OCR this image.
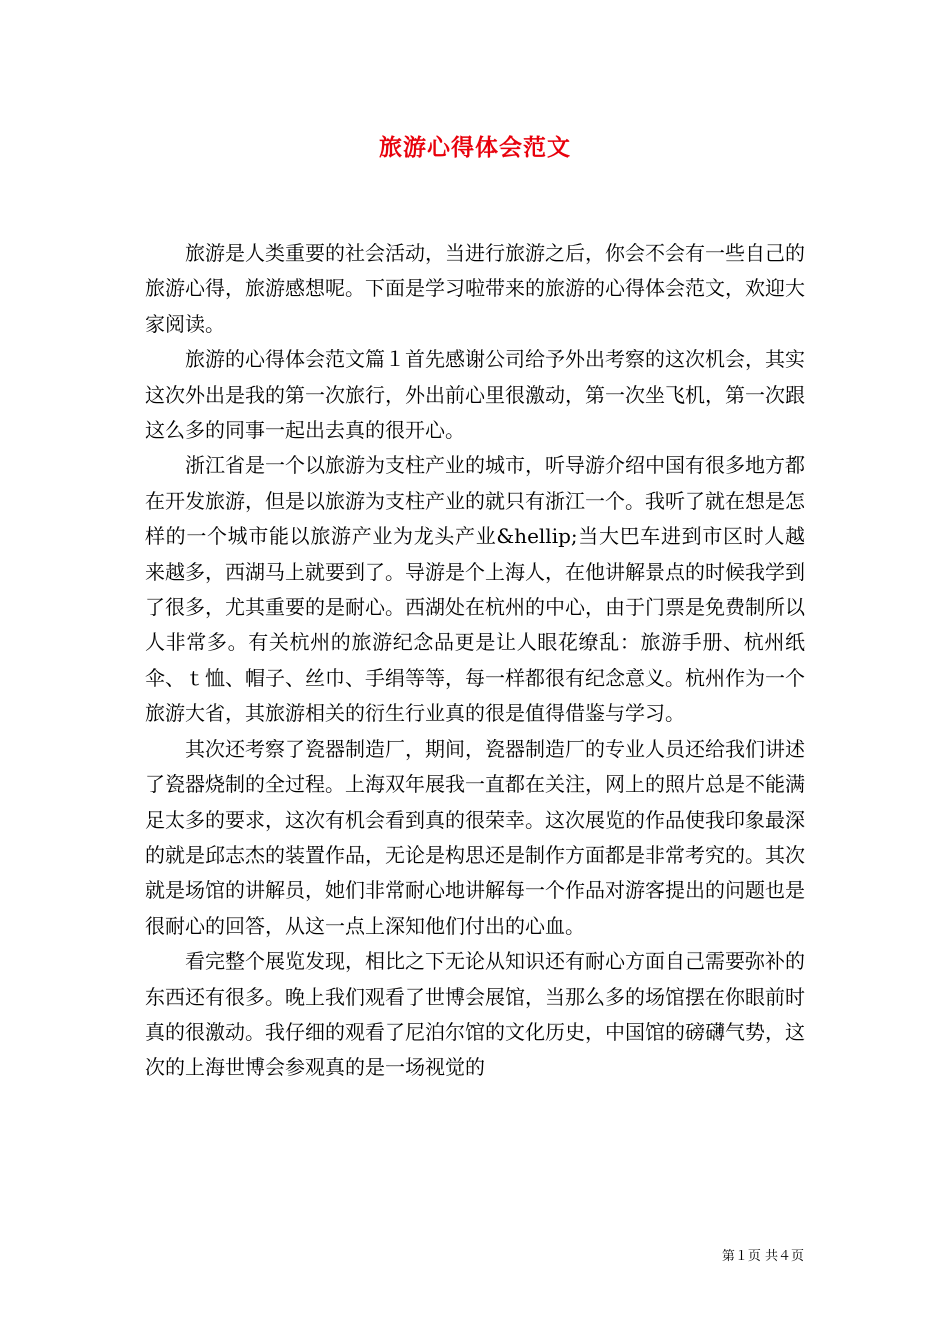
旅游心得体会范文

旅游是人类重要的社会活动，当进行旅游之后，你会不会有一些自己的旅游心得，旅游感想呢。下面是学习啦带来的旅游的心得体会范文，欢迎大家阅读。

旅游的心得体会范文篇１首先感谢公司给予外出考察的这次机会，其实这次外出是我的第一次旅行，外出前心里很激动，第一次坐飞机，第一次跟这么多的同事一起出去真的很开心。

浙江省是一个以旅游为支柱产业的城市，听导游介绍中国有很多地方都在开发旅游，但是以旅游为支柱产业的就只有浙江一个。我听了就在想是怎样的一个城市能以旅游产业为龙头产业&hellip;当大巴车进到市区时人越来越多，西湖马上就要到了。导游是个上海人，在他讲解景点的时候我学到了很多，尤其重要的是耐心。西湖处在杭州的中心，由于门票是免费制所以人非常多。有关杭州的旅游纪念品更是让人眼花缭乱：旅游手册、杭州纸伞、ｔ恤、帽子、丝巾、手绢等等，每一样都很有纪念意义。杭州作为一个旅游大省，其旅游相关的衍生行业真的很是值得借鉴与学习。

其次还考察了瓷器制造厂，期间，瓷器制造厂的专业人员还给我们讲述了瓷器烧制的全过程。上海双年展我一直都在关注，网上的照片总是不能满足太多的要求，这次有机会看到真的很荣幸。这次展览的作品使我印象最深的就是邱志杰的装置作品，无论是构思还是制作方面都是非常考究的。其次就是场馆的讲解员，她们非常耐心地讲解每一个作品对游客提出的问题也是很耐心的回答，从这一点上深知他们付出的心血。

看完整个展览发现，相比之下无论从知识还有耐心方面自己需要弥补的东西还有很多。晚上我们观看了世博会展馆，当那么多的场馆摆在你眼前时真的很激动。我仔细的观看了尼泊尔馆的文化历史，中国馆的磅礴气势，这次的上海世博会参观真的是一场视觉的

第１页 共４页
